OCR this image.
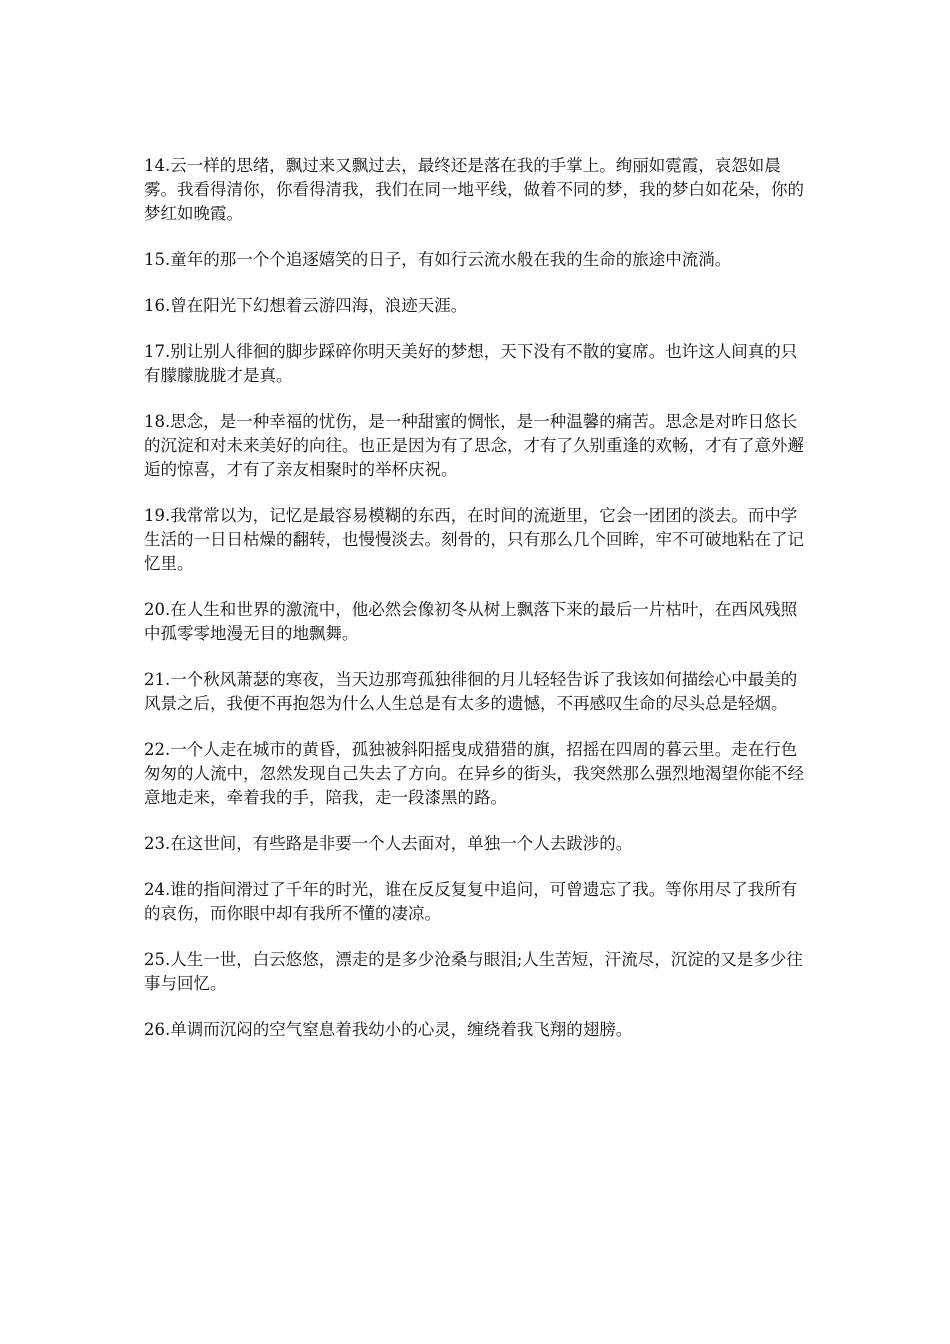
14.云一样的思绪，飘过来又飘过去，最终还是落在我的手掌上。绚丽如霓霞，哀怨如晨雾。我看得清你，你看得清我，我们在同一地平线，做着不同的梦，我的梦白如花朵，你的梦红如晚霞。

15.童年的那一个个追逐嬉笑的日子，有如行云流水般在我的生命的旅途中流淌。

16.曾在阳光下幻想着云游四海，浪迹天涯。

17.别让别人徘徊的脚步踩碎你明天美好的梦想，天下没有不散的宴席。也许这人间真的只有朦朦胧胧才是真。

18.思念，是一种幸福的忧伤，是一种甜蜜的惆怅，是一种温馨的痛苦。思念是对昨日悠长的沉淀和对未来美好的向往。也正是因为有了思念，才有了久别重逢的欢畅，才有了意外邂逅的惊喜，才有了亲友相聚时的举杯庆祝。

19.我常常以为，记忆是最容易模糊的东西，在时间的流逝里，它会一团团的淡去。而中学生活的一日日枯燥的翻转，也慢慢淡去。刻骨的，只有那么几个回眸，牢不可破地粘在了记忆里。

20.在人生和世界的激流中，他必然会像初冬从树上飘落下来的最后一片枯叶，在西风残照中孤零零地漫无目的地飘舞。

21.一个秋风萧瑟的寒夜，当天边那弯孤独徘徊的月儿轻轻告诉了我该如何描绘心中最美的风景之后，我便不再抱怨为什么人生总是有太多的遗憾，不再感叹生命的尽头总是轻烟。

22.一个人走在城市的黄昏，孤独被斜阳摇曳成猎猎的旗，招摇在四周的暮云里。走在行色匆匆的人流中，忽然发现自己失去了方向。在异乡的街头，我突然那么强烈地渴望你能不经意地走来，牵着我的手，陪我，走一段漆黑的路。

23.在这世间，有些路是非要一个人去面对，单独一个人去跋涉的。

24.谁的指间滑过了千年的时光，谁在反反复复中追问，可曾遗忘了我。等你用尽了我所有的哀伤，而你眼中却有我所不懂的凄凉。

25.人生一世，白云悠悠，漂走的是多少沧桑与眼泪;人生苦短，汗流尽，沉淀的又是多少往事与回忆。

26.单调而沉闷的空气窒息着我幼小的心灵，缠绕着我飞翔的翅膀。
